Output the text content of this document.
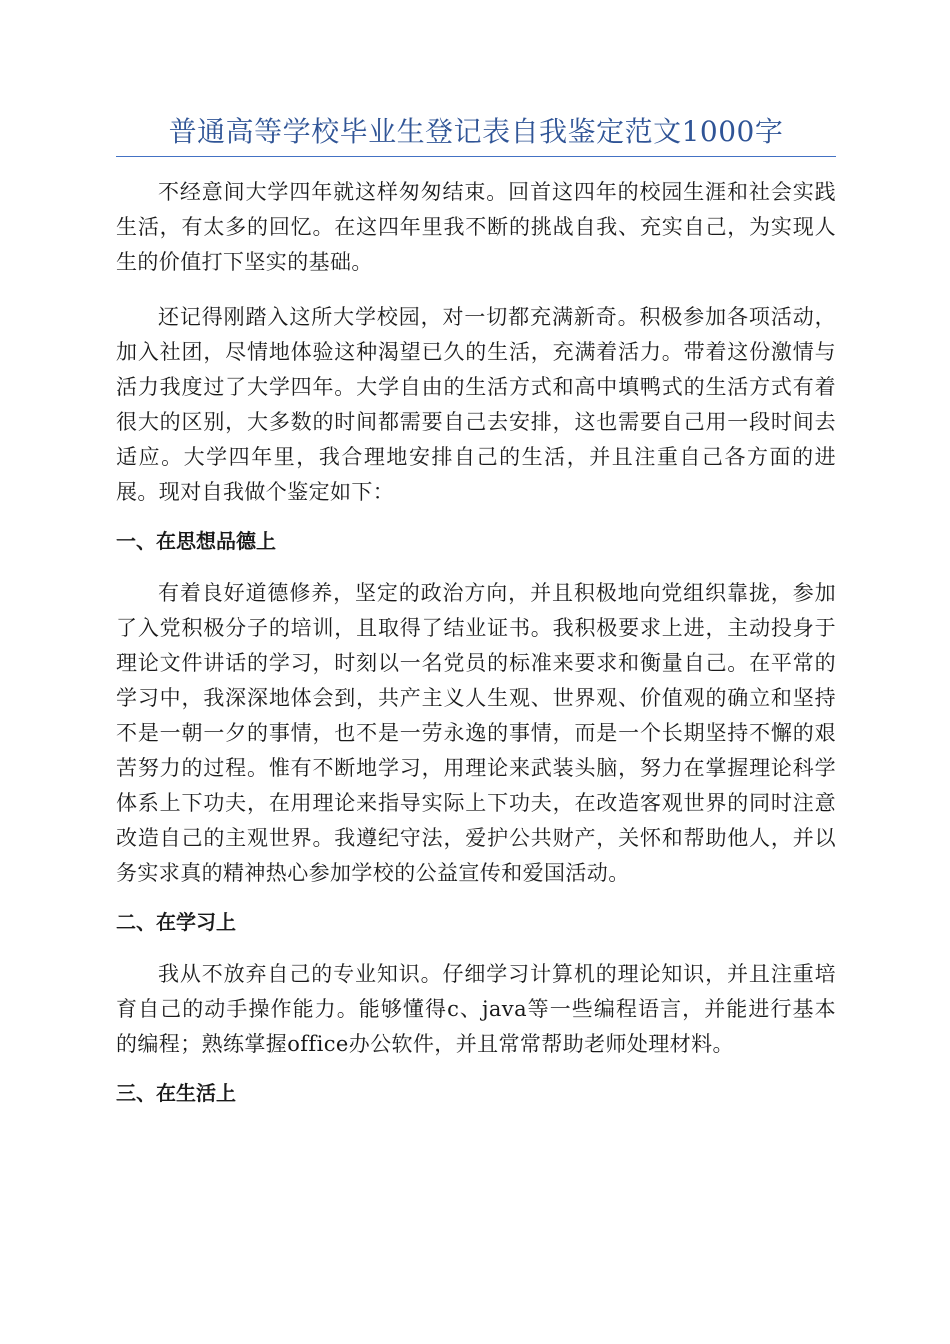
普通高等学校毕业生登记表自我鉴定范文1000字

不经意间大学四年就这样匆匆结束。回首这四年的校园生涯和社会实践生活，有太多的回忆。在这四年里我不断的挑战自我、充实自己，为实现人生的价值打下坚实的基础。

还记得刚踏入这所大学校园，对一切都充满新奇。积极参加各项活动，加入社团，尽情地体验这种渴望已久的生活，充满着活力。带着这份激情与活力我度过了大学四年。大学自由的生活方式和高中填鸭式的生活方式有着很大的区别，大多数的时间都需要自己去安排，这也需要自己用一段时间去适应。大学四年里，我合理地安排自己的生活，并且注重自己各方面的进展。现对自我做个鉴定如下：

一、在思想品德上

有着良好道德修养，坚定的政治方向，并且积极地向党组织靠拢，参加了入党积极分子的培训，且取得了结业证书。我积极要求上进，主动投身于理论文件讲话的学习，时刻以一名党员的标准来要求和衡量自己。在平常的学习中，我深深地体会到，共产主义人生观、世界观、价值观的确立和坚持不是一朝一夕的事情，也不是一劳永逸的事情，而是一个长期坚持不懈的艰苦努力的过程。惟有不断地学习，用理论来武装头脑，努力在掌握理论科学体系上下功夫，在用理论来指导实际上下功夫，在改造客观世界的同时注意改造自己的主观世界。我遵纪守法，爱护公共财产，关怀和帮助他人，并以务实求真的精神热心参加学校的公益宣传和爱国活动。

二、在学习上

我从不放弃自己的专业知识。仔细学习计算机的理论知识，并且注重培育自己的动手操作能力。能够懂得c、java等一些编程语言，并能进行基本的编程；熟练掌握office办公软件，并且常常帮助老师处理材料。

三、在生活上
